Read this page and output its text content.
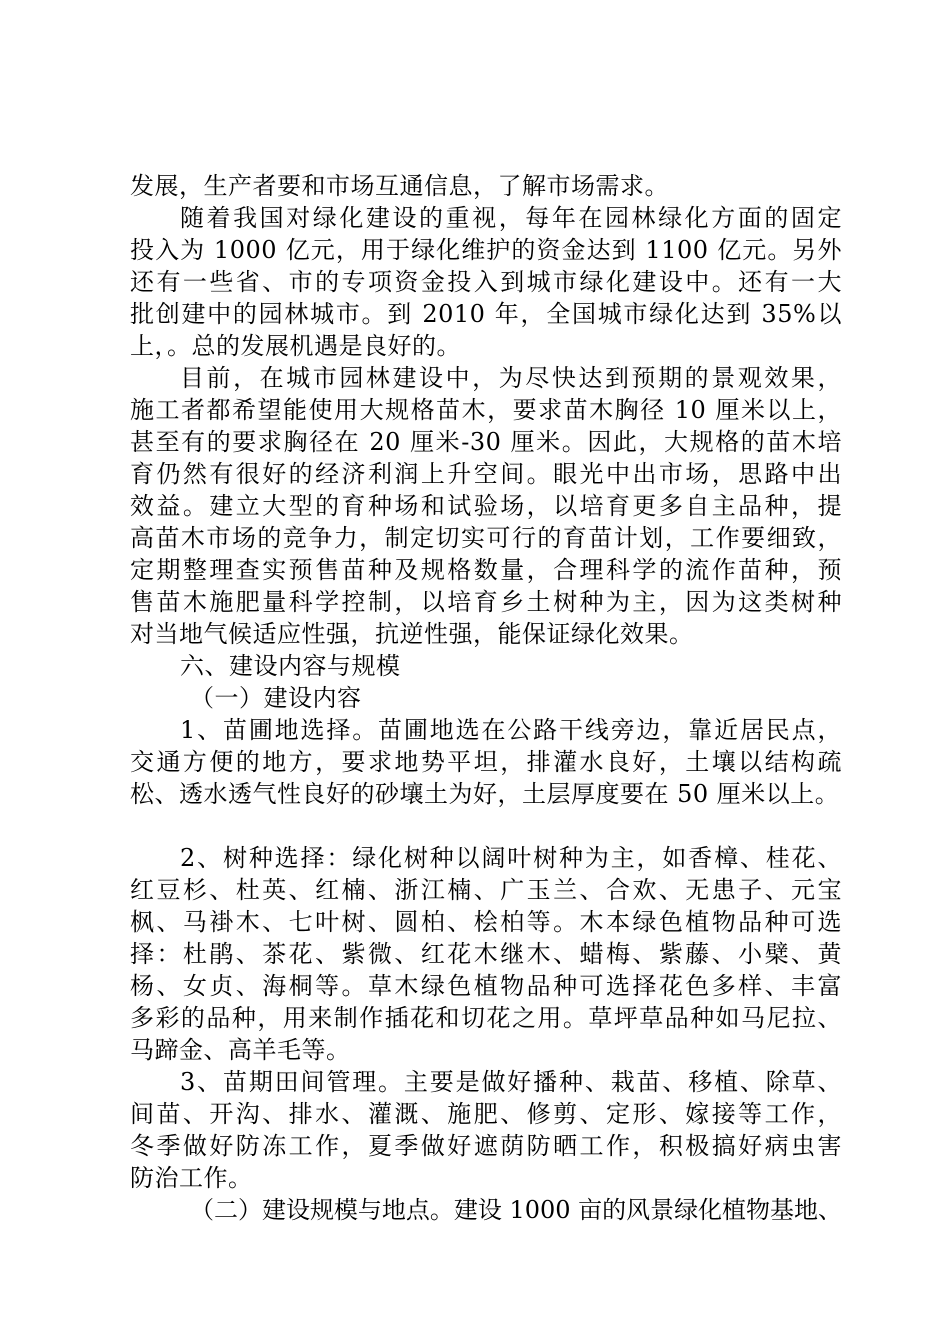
发展，生产者要和市场互通信息，了解市场需求。
随着我国对绿化建设的重视，每年在园林绿化方面的固定
投入为 1000 亿元，用于绿化维护的资金达到 1100 亿元。另外
还有一些省、市的专项资金投入到城市绿化建设中。还有一大
批创建中的园林城市。到 2010 年，全国城市绿化达到 35%以
上，。总的发展机遇是良好的。
目前，在城市园林建设中，为尽快达到预期的景观效果，
施工者都希望能使用大规格苗木，要求苗木胸径 10 厘米以上，
甚至有的要求胸径在 20 厘米-30 厘米。因此，大规格的苗木培
育仍然有很好的经济利润上升空间。眼光中出市场，思路中出
效益。建立大型的育种场和试验场，以培育更多自主品种，提
高苗木市场的竞争力，制定切实可行的育苗计划，工作要细致，
定期整理查实预售苗种及规格数量，合理科学的流作苗种，预
售苗木施肥量科学控制，以培育乡土树种为主，因为这类树种
对当地气候适应性强，抗逆性强，能保证绿化效果。
六、建设内容与规模
（一）建设内容
1、苗圃地选择。苗圃地选在公路干线旁边，靠近居民点，
交通方便的地方，要求地势平坦，排灌水良好，土壤以结构疏
松、透水透气性良好的砂壤土为好，土层厚度要在 50 厘米以上。
2、树种选择：绿化树种以阔叶树种为主，如香樟、桂花、
红豆杉、杜英、红楠、浙江楠、广玉兰、合欢、无患子、元宝
枫、马褂木、七叶树、圆柏、桧柏等。木本绿色植物品种可选
择：杜鹃、茶花、紫微、红花木继木、蜡梅、紫藤、小檗、黄
杨、女贞、海桐等。草木绿色植物品种可选择花色多样、丰富
多彩的品种，用来制作插花和切花之用。草坪草品种如马尼拉、
马蹄金、高羊毛等。
3、苗期田间管理。主要是做好播种、栽苗、移植、除草、
间苗、开沟、排水、灌溉、施肥、修剪、定形、嫁接等工作，
冬季做好防冻工作，夏季做好遮荫防晒工作，积极搞好病虫害
防治工作。
（二）建设规模与地点。建设 1000 亩的风景绿化植物基地、
